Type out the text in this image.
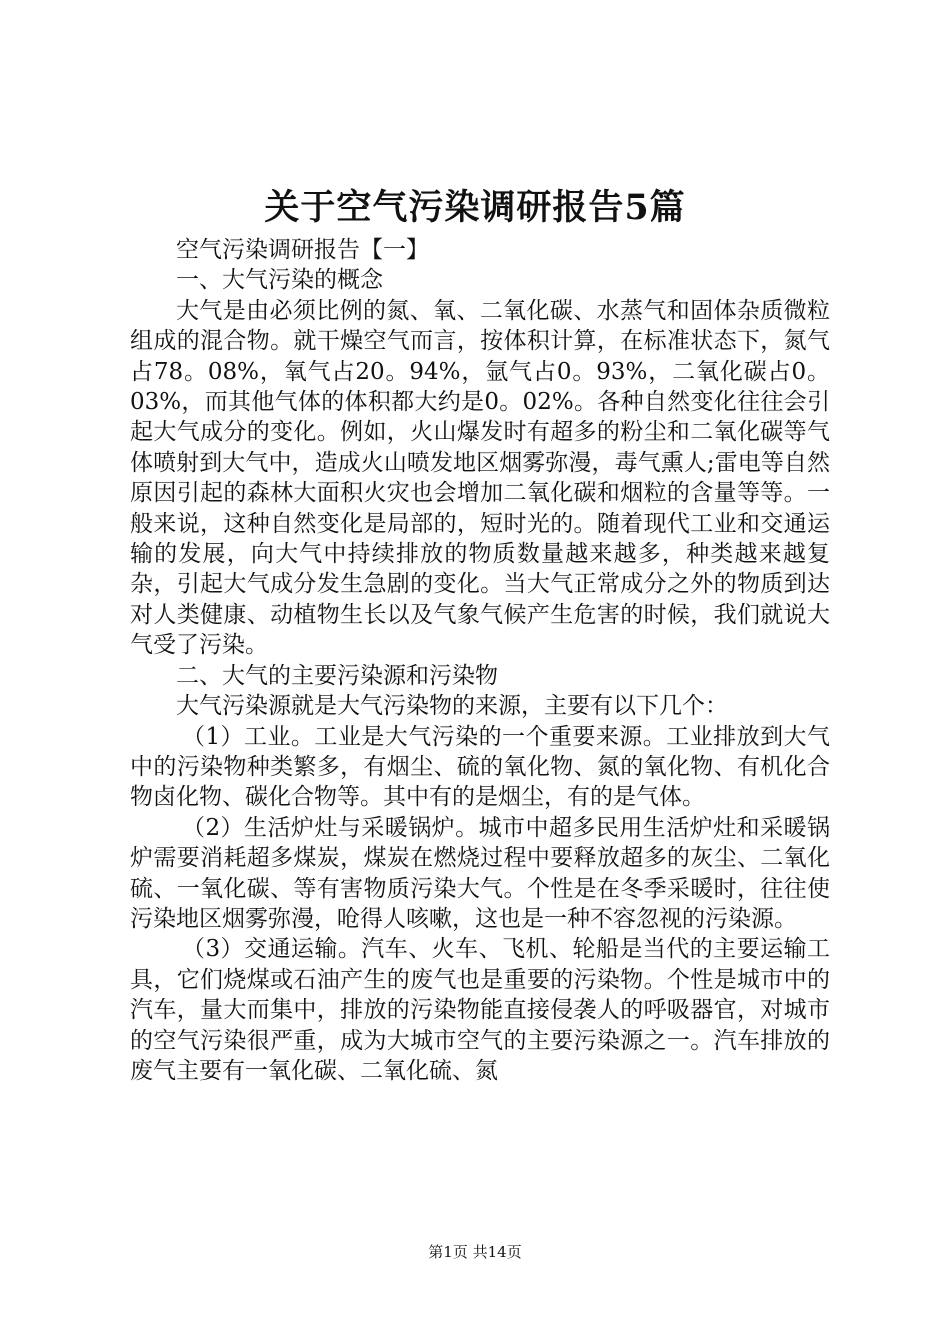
关于空气污染调研报告5篇

空气污染调研报告【一】

一、大气污染的概念

大气是由必须比例的氮、氧、二氧化碳、水蒸气和固体杂质微粒组成的混合物。就干燥空气而言，按体积计算，在标准状态下，氮气占78。08%，氧气占20。94%，氩气占0。93%，二氧化碳占0。03%，而其他气体的体积都大约是0。02%。各种自然变化往往会引起大气成分的变化。例如，火山爆发时有超多的粉尘和二氧化碳等气体喷射到大气中，造成火山喷发地区烟雾弥漫，毒气熏人;雷电等自然原因引起的森林大面积火灾也会增加二氧化碳和烟粒的含量等等。一般来说，这种自然变化是局部的，短时光的。随着现代工业和交通运输的发展，向大气中持续排放的物质数量越来越多，种类越来越复杂，引起大气成分发生急剧的变化。当大气正常成分之外的物质到达对人类健康、动植物生长以及气象气候产生危害的时候，我们就说大气受了污染。

二、大气的主要污染源和污染物

大气污染源就是大气污染物的来源，主要有以下几个：

（1）工业。工业是大气污染的一个重要来源。工业排放到大气中的污染物种类繁多，有烟尘、硫的氧化物、氮的氧化物、有机化合物卤化物、碳化合物等。其中有的是烟尘，有的是气体。

（2）生活炉灶与采暖锅炉。城市中超多民用生活炉灶和采暖锅炉需要消耗超多煤炭，煤炭在燃烧过程中要释放超多的灰尘、二氧化硫、一氧化碳、等有害物质污染大气。个性是在冬季采暖时，往往使污染地区烟雾弥漫，呛得人咳嗽，这也是一种不容忽视的污染源。

（3）交通运输。汽车、火车、飞机、轮船是当代的主要运输工具，它们烧煤或石油产生的废气也是重要的污染物。个性是城市中的汽车，量大而集中，排放的污染物能直接侵袭人的呼吸器官，对城市的空气污染很严重，成为大城市空气的主要污染源之一。汽车排放的废气主要有一氧化碳、二氧化硫、氮

第1页 共14页
